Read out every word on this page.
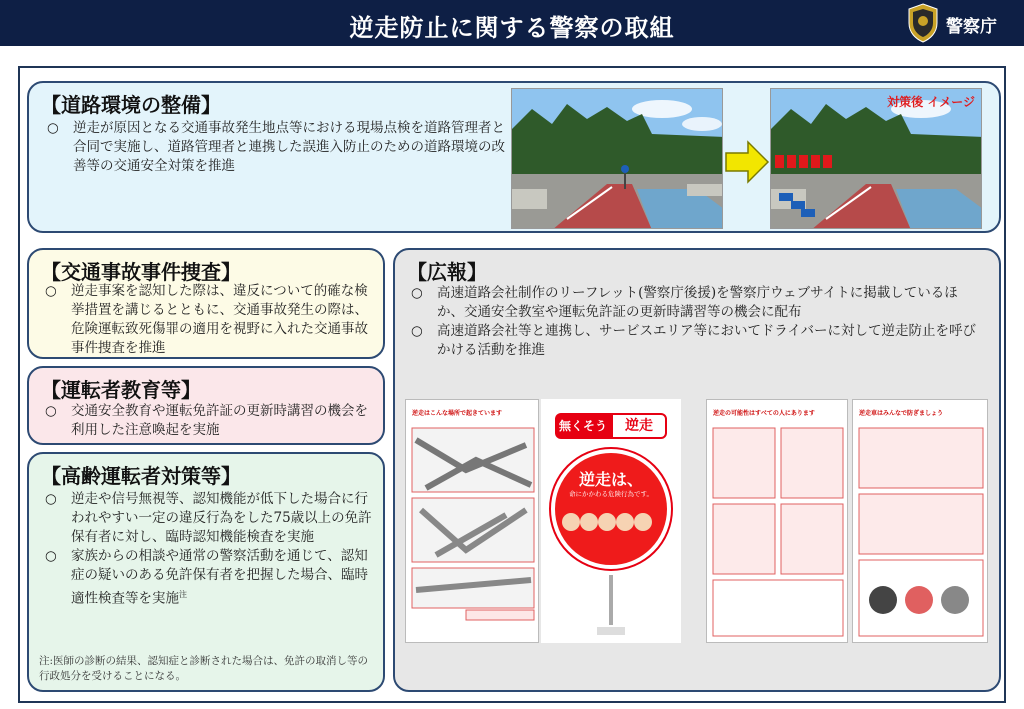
逆走防止に関する警察の取組	警察庁
【道路環境の整備】
○ 逆走が原因となる交通事故発生地点等における現場点検を道路管理者と合同で実施し、道路管理者と連携した誤進入防止のための道路環境の改善等の交通安全対策を推進
対策後 イメージ
【交通事故事件捜査】
○ 逆走事案を認知した際は、違反について的確な検挙措置を講じるとともに、交通事故発生の際は、危険運転致死傷罪の適用を視野に入れた交通事故事件捜査を推進
【運転者教育等】
○ 交通安全教育や運転免許証の更新時講習の機会を利用した注意喚起を実施
【高齢運転者対策等】
○ 逆走や信号無視等、認知機能が低下した場合に行われやすい一定の違反行為をした75歳以上の免許保有者に対し、臨時認知機能検査を実施
○ 家族からの相談や通常の警察活動を通じて、認知症の疑いのある免許保有者を把握した場合、臨時適性検査等を実施$^注$
注:医師の診断の結果、認知症と診断された場合は、免許の取消し等の行政処分を受けることになる。
【広報】
○ 高速道路会社制作のリーフレット(警察庁後援)を警察庁ウェブサイトに掲載しているほか、交通安全教室や運転免許証の更新時講習等の機会に配布
○ 高速道路会社等と連携し、サービスエリア等においてドライバーに対して逆走防止を呼びかける活動を推進
逆走はこんな場所で起きています
無くそう	逆走
逆走は、
命にかかわる危険行為です。
逆走の可能性はすべての人にあります	逆走車はみんなで防ぎましょう
